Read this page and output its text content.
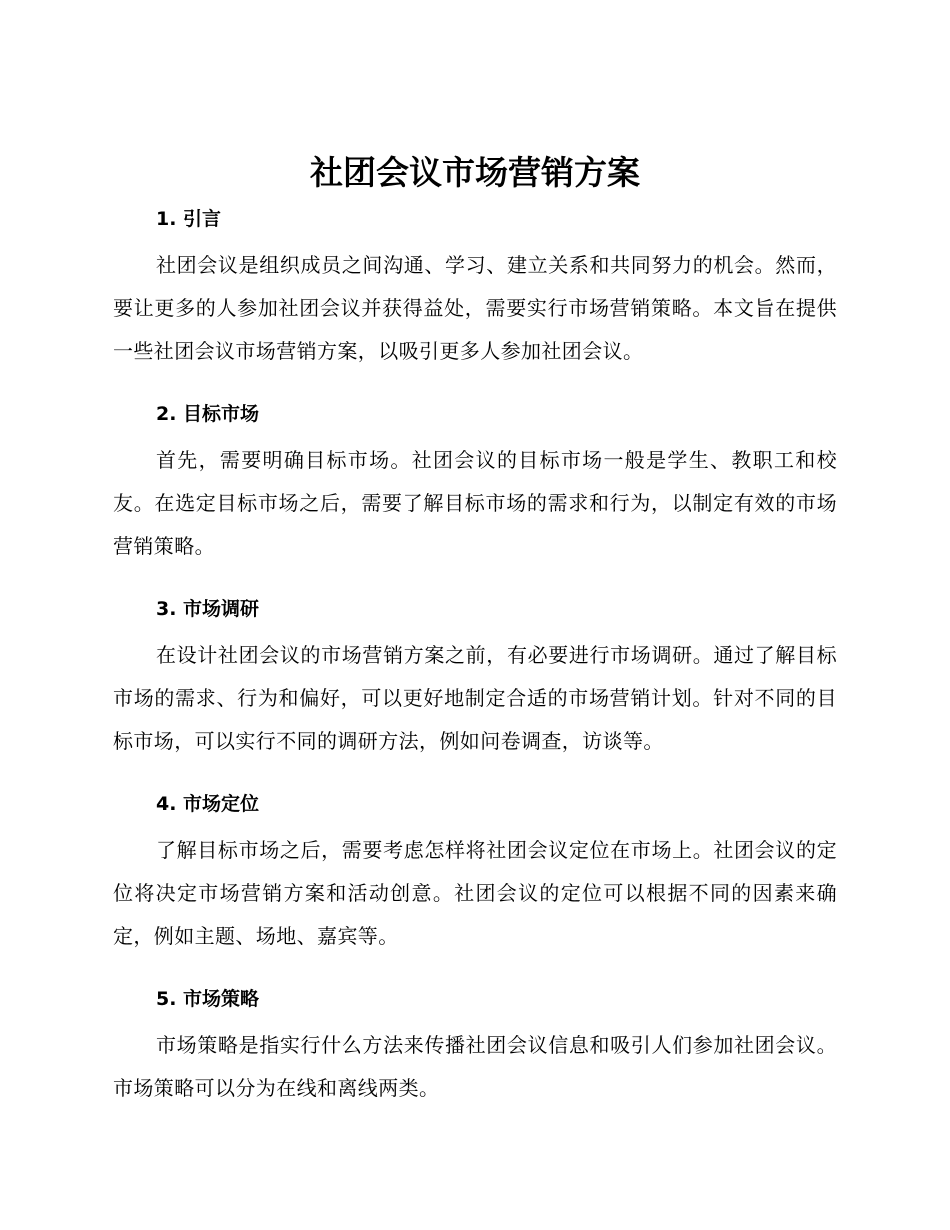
社团会议市场营销方案
1. 引言

社团会议是组织成员之间沟通、学习、建立关系和共同努力的机会。然而，要让更多的人参加社团会议并获得益处，需要实行市场营销策略。本文旨在提供一些社团会议市场营销方案，以吸引更多人参加社团会议。

2. 目标市场

首先，需要明确目标市场。社团会议的目标市场一般是学生、教职工和校友。在选定目标市场之后，需要了解目标市场的需求和行为，以制定有效的市场营销策略。

3. 市场调研

在设计社团会议的市场营销方案之前，有必要进行市场调研。通过了解目标市场的需求、行为和偏好，可以更好地制定合适的市场营销计划。针对不同的目标市场，可以实行不同的调研方法，例如问卷调查，访谈等。

4. 市场定位

了解目标市场之后，需要考虑怎样将社团会议定位在市场上。社团会议的定位将决定市场营销方案和活动创意。社团会议的定位可以根据不同的因素来确定，例如主题、场地、嘉宾等。

5. 市场策略

市场策略是指实行什么方法来传播社团会议信息和吸引人们参加社团会议。市场策略可以分为在线和离线两类。
